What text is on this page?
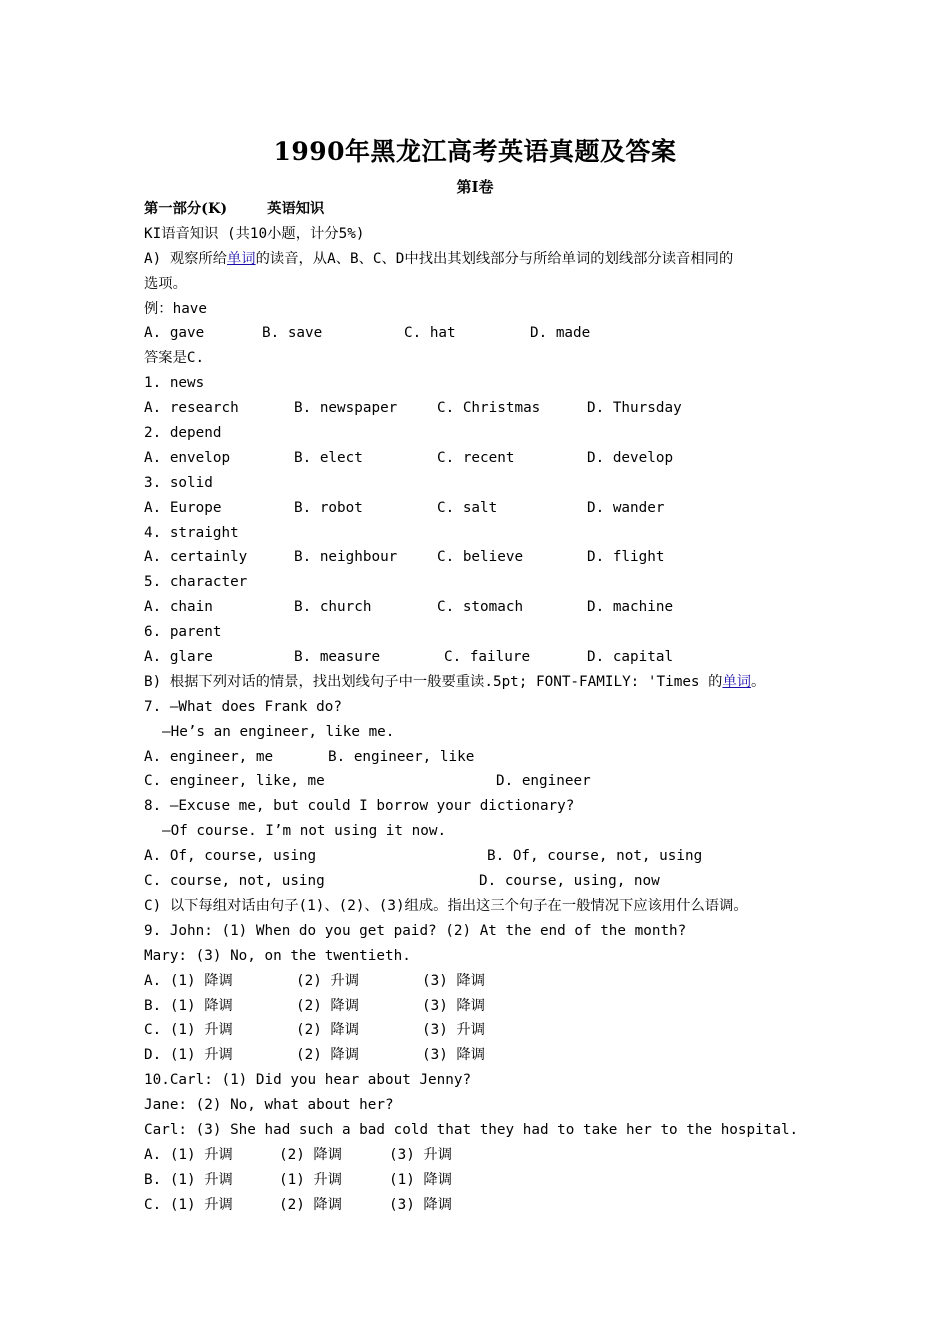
1990年黑龙江高考英语真题及答案
第I卷
第一部分(K)	英语知识
KI语音知识 (共10小题，计分5%)
A) 观察所给单词的读音，从A、B、C、D中找出其划线部分与所给单词的划线部分读音相同的
选项。
例：have
A. gave	B. save	C. hat	D. made
答案是C.
1. news
A. research	B. newspaper	C. Christmas	D. Thursday
2. depend
A. envelop	B. elect	C. recent	D. develop
3. solid
A. Europe	B. robot	C. salt	D. wander
4. straight
A. certainly	B. neighbour	C. believe	D. flight
5. character
A. chain	B. church	C. stomach	D. machine
6. parent
A. glare	B. measure	C. failure	D. capital
B) 根据下列对话的情景，找出划线句子中一般要重读.5pt; FONT-FAMILY: 'Times 的单词。
7. —What does Frank do?
—He’s an engineer, like me.
A. engineer, me	B. engineer, like
C. engineer, like, me	D. engineer
8. —Excuse me, but could I borrow your dictionary?
—Of course. I’m not using it now.
A. Of, course, using	B. Of, course, not, using
C. course, not, using	D. course, using, now
C) 以下每组对话由句子(1)、(2)、(3)组成。指出这三个句子在一般情况下应该用什么语调。
9. John: (1) When do you get paid? (2) At the end of the month?
Mary: (3) No, on the twentieth.
A. (1) 降调	(2) 升调	(3) 降调
B. (1) 降调	(2) 降调	(3) 降调
C. (1) 升调	(2) 降调	(3) 升调
D. (1) 升调	(2) 降调	(3) 降调
10.Carl: (1) Did you hear about Jenny?
Jane: (2) No, what about her?
Carl: (3) She had such a bad cold that they had to take her to the hospital.
A. (1) 升调	(2) 降调	(3) 升调
B. (1) 升调	(1) 升调	(1) 降调
C. (1) 升调	(2) 降调	(3) 降调
